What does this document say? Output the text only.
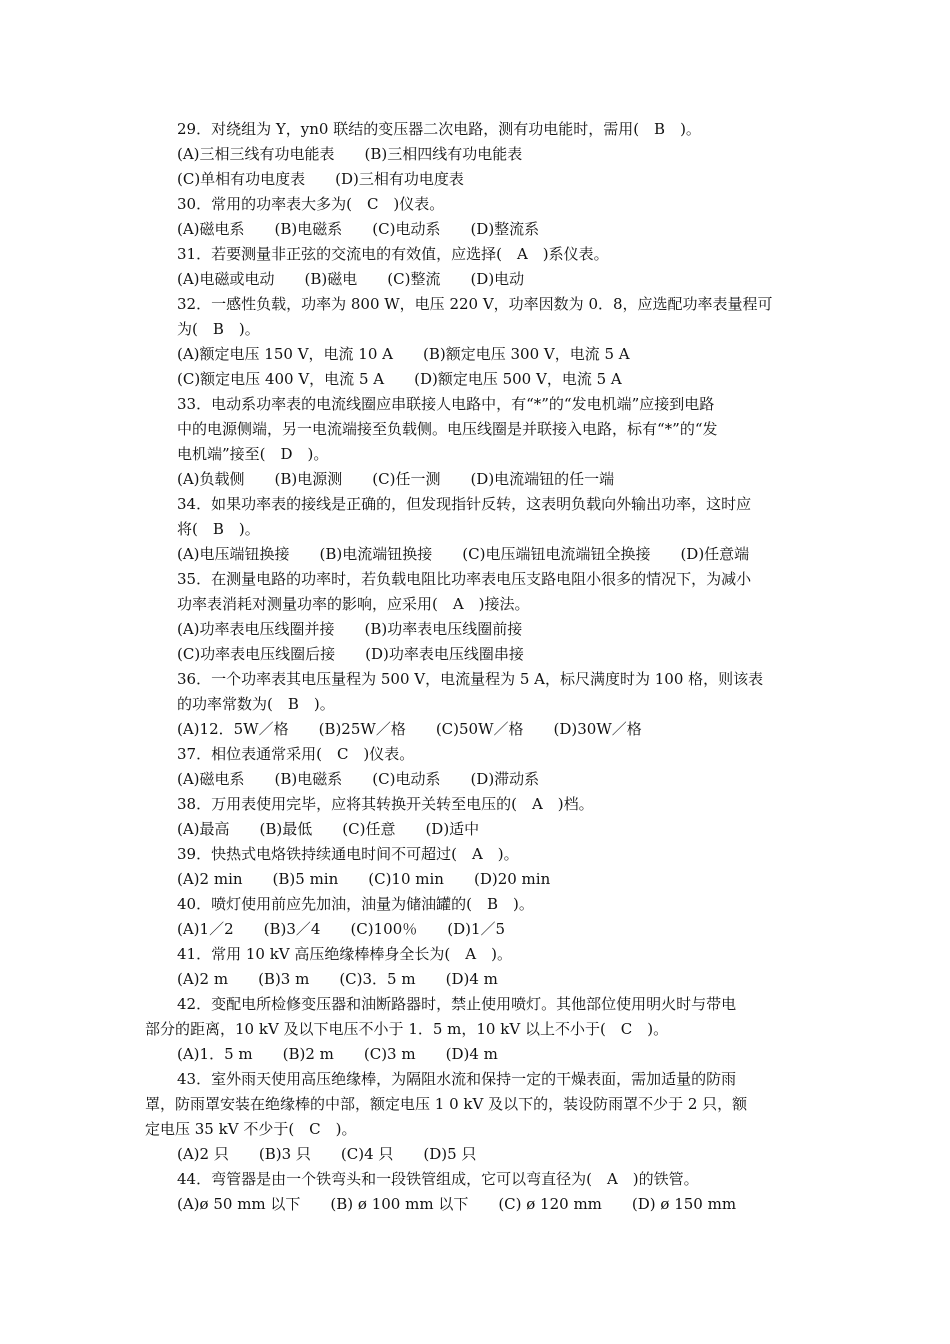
29．对绕组为 Y，yn0 联结的变压器二次电路，测有功电能时，需用(　B　)。

(A)三相三线有功电能表　　(B)三相四线有功电能表

(C)单相有功电度表　　(D)三相有功电度表

30．常用的功率表大多为(　C　)仪表。

(A)磁电系　　(B)电磁系　　(C)电动系　　(D)整流系

31．若要测量非正弦的交流电的有效值，应选择(　A　)系仪表。

(A)电磁或电动　　(B)磁电　　(C)整流　　(D)电动

32．一感性负载，功率为 800 W，电压 220 V，功率因数为 0．8，应选配功率表量程可

为(　B　)。

(A)额定电压 150 V，电流 10 A　　(B)额定电压 300 V，电流 5 A

(C)额定电压 400 V，电流 5 A　　(D)额定电压 500 V，电流 5 A

33．电动系功率表的电流线圈应串联接人电路中，有“*”的“发电机端”应接到电路

中的电源侧端，另一电流端接至负载侧。电压线圈是并联接入电路，标有“*”的“发

电机端”接至(　D　)。

(A)负载侧　　(B)电源测　　(C)任一测　　(D)电流端钮的任一端

34．如果功率表的接线是正确的，但发现指针反转，这表明负载向外输出功率，这时应

将(　B　)。

(A)电压端钮换接　　(B)电流端钮换接　　(C)电压端钮电流端钮全换接　　(D)任意端

35．在测量电路的功率时，若负载电阻比功率表电压支路电阻小很多的情况下，为减小

功率表消耗对测量功率的影响，应采用(　A　)接法。

(A)功率表电压线圈并接　　(B)功率表电压线圈前接

(C)功率表电压线圈后接　　(D)功率表电压线圈串接

36．一个功率表其电压量程为 500 V，电流量程为 5 A，标尺满度时为 100 格，则该表

的功率常数为(　B　)。

(A)12．5W／格　　(B)25W／格　　(C)50W／格　　(D)30W／格

37．相位表通常采用(　C　)仪表。

(A)磁电系　　(B)电磁系　　(C)电动系　　(D)滞动系

38．万用表使用完毕，应将其转换开关转至电压的(　A　)档。

(A)最高　　(B)最低　　(C)任意　　(D)适中

39．快热式电烙铁持续通电时间不可超过(　A　)。

(A)2 min　　(B)5 min　　(C)10 min　　(D)20 min

40．喷灯使用前应先加油，油量为储油罐的(　B　)。

(A)1／2　　(B)3／4　　(C)100％　　(D)1／5

41．常用 10 kV 高压绝缘棒棒身全长为(　A　)。

(A)2 m　　(B)3 m　　(C)3．5 m　　(D)4 m

42．变配电所检修变压器和油断路器时，禁止使用喷灯。其他部位使用明火时与带电

部分的距离，10 kV 及以下电压不小于 1．5 m，10 kV 以上不小于(　C　)。

(A)1．5 m　　(B)2 m　　(C)3 m　　(D)4 m

43．室外雨天使用高压绝缘棒，为隔阻水流和保持一定的干燥表面，需加适量的防雨

罩，防雨罩安装在绝缘棒的中部，额定电压 1 0 kV 及以下的，装设防雨罩不少于 2 只，额

定电压 35 kV 不少于(　C　)。

(A)2 只　　(B)3 只　　(C)4 只　　(D)5 只

44．弯管器是由一个铁弯头和一段铁管组成，它可以弯直径为(　A　)的铁管。

(A)ø 50 mm 以下　　(B) ø 100 mm 以下　　(C) ø 120 mm　　(D) ø 150 mm
